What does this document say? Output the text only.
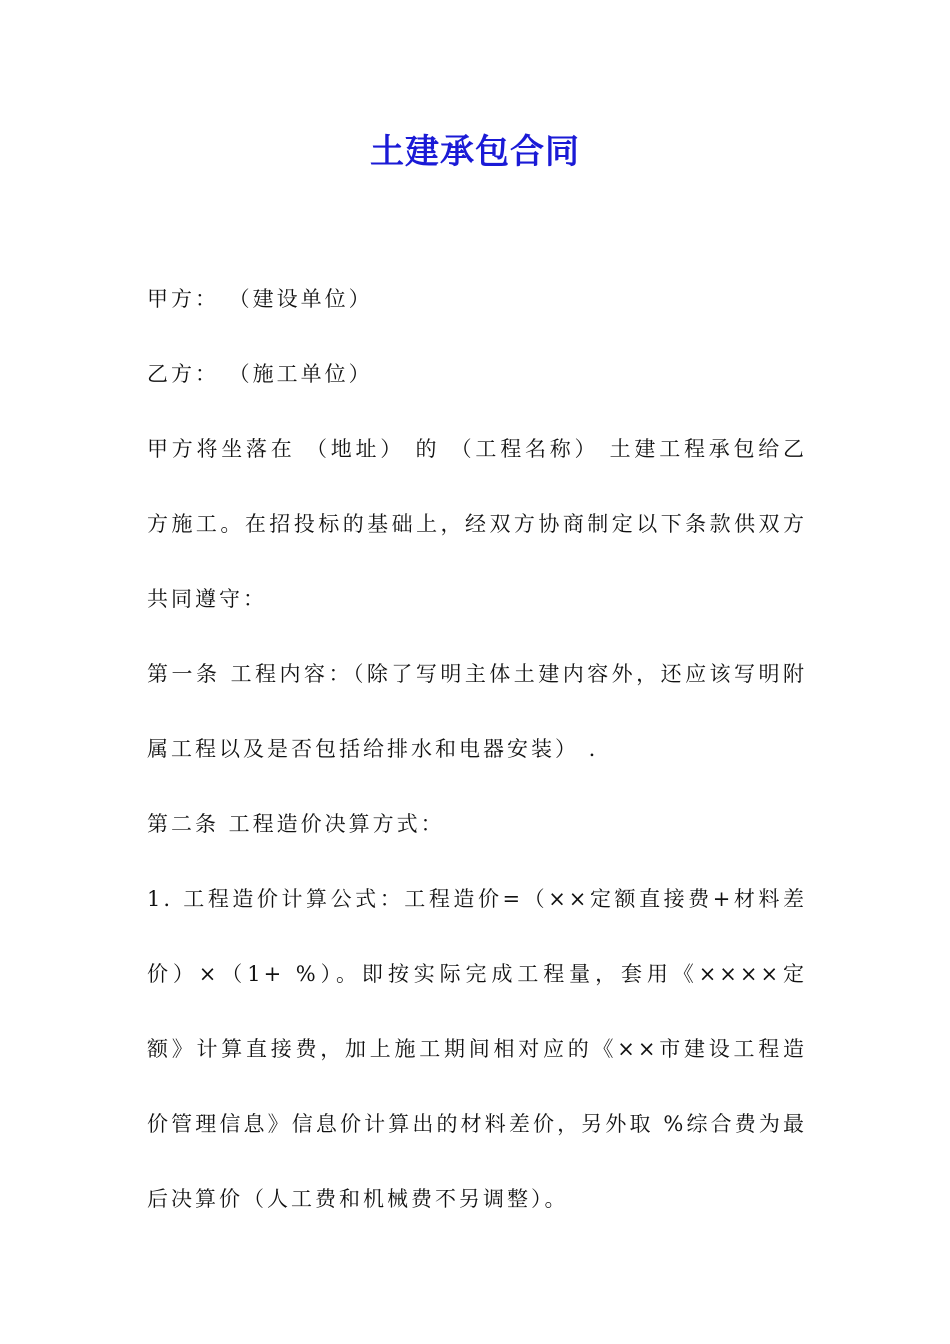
土建承包合同
甲方： （建设单位）
乙方： （施工单位）
甲方将坐落在 （地址） 的 （工程名称） 土建工程承包给乙
方施工。在招投标的基础上，经双方协商制定以下条款供双方
共同遵守：
第一条 工程内容：（除了写明主体土建内容外，还应该写明附
属工程以及是否包括给排水和电器安装） .
第二条 工程造价决算方式：
1. 工程造价计算公式：工程造价=（××定额直接费+材料差
价）×（1+ %）。即按实际完成工程量，套用《××××定
额》计算直接费，加上施工期间相对应的《××市建设工程造
价管理信息》信息价计算出的材料差价，另外取 %综合费为最
后决算价（人工费和机械费不另调整）。
